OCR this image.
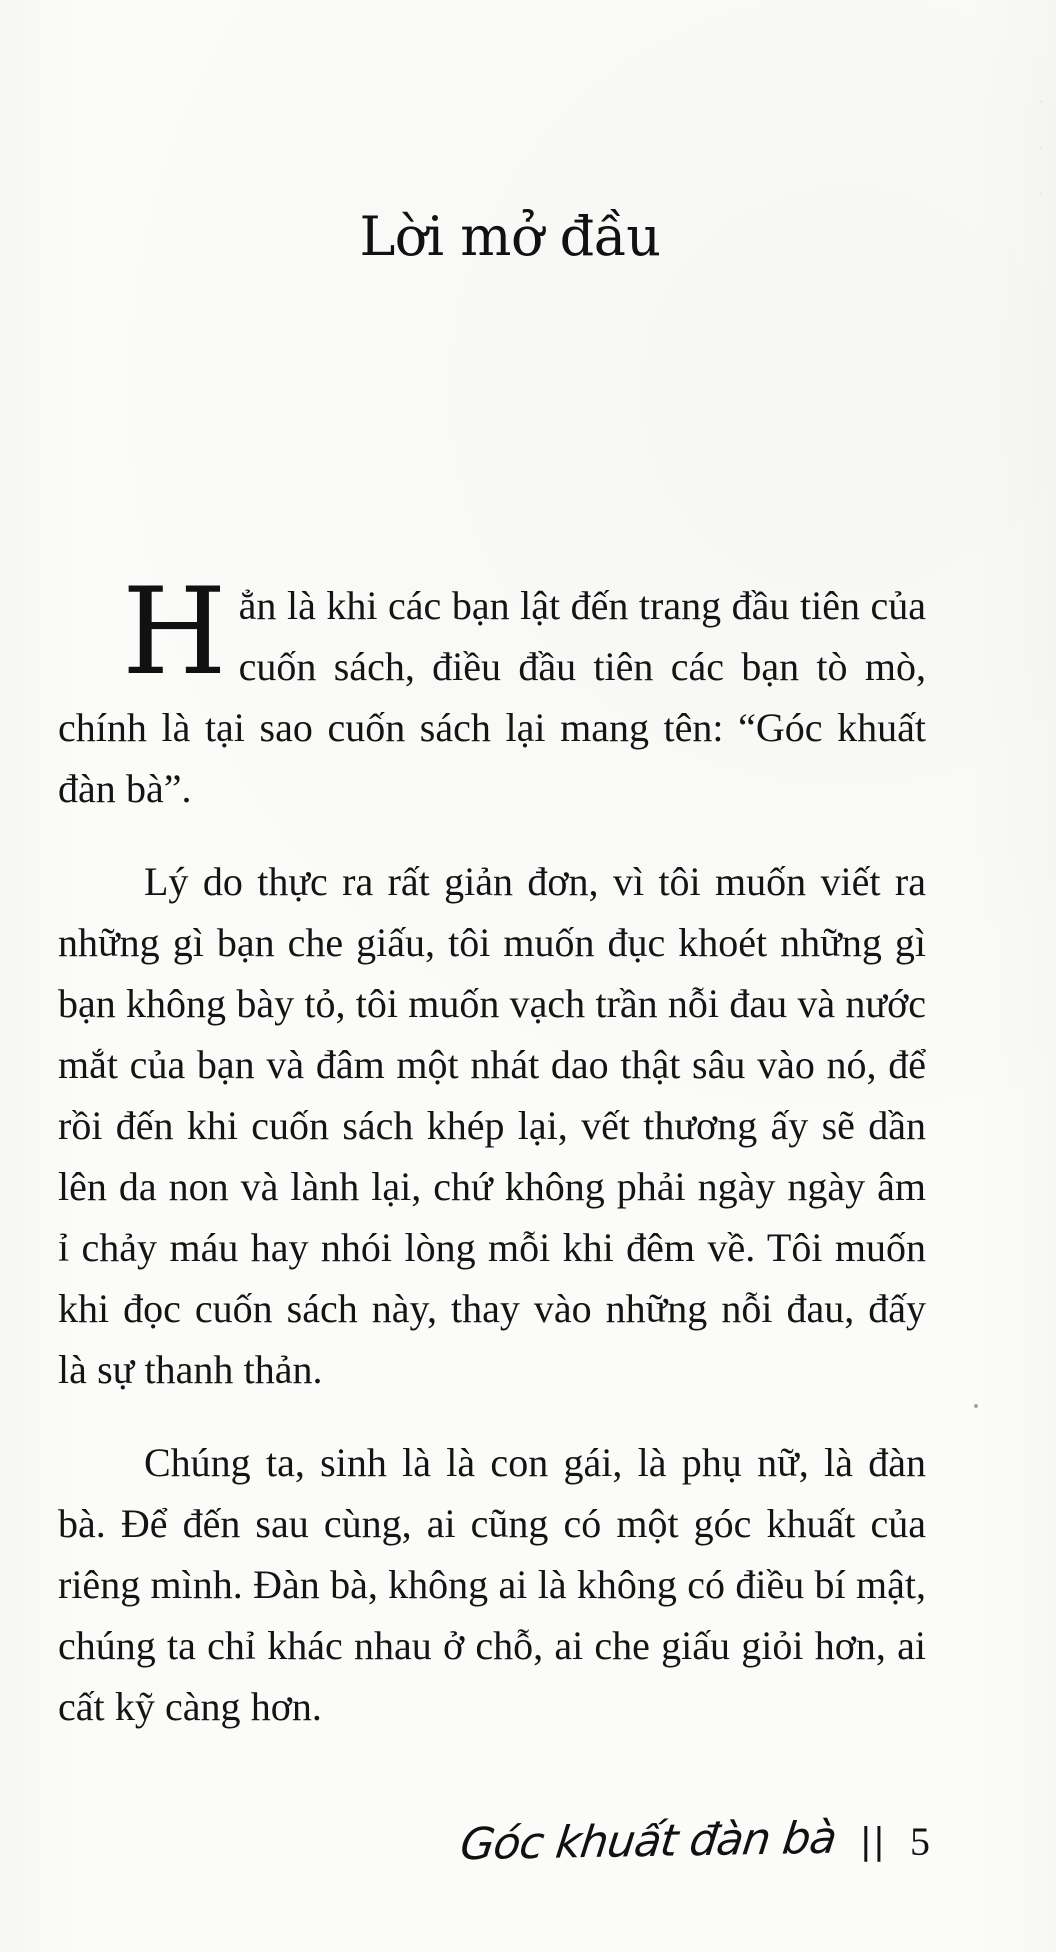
Lời mở đầu

H ẳn là khi các bạn lật đến trang đầu tiên của cuốn sách, điều đầu tiên các bạn tò mò, chính là tại sao cuốn sách lại mang tên: “Góc khuất đàn bà”.

Lý do thực ra rất giản đơn, vì tôi muốn viết ra những gì bạn che giấu, tôi muốn đục khoét những gì bạn không bày tỏ, tôi muốn vạch trần nỗi đau và nước mắt của bạn và đâm một nhát dao thật sâu vào nó, để rồi đến khi cuốn sách khép lại, vết thương ấy sẽ dần lên da non và lành lại, chứ không phải ngày ngày âm ỉ chảy máu hay nhói lòng mỗi khi đêm về. Tôi muốn khi đọc cuốn sách này, thay vào những nỗi đau, đấy là sự thanh thản.

Chúng ta, sinh là là con gái, là phụ nữ, là đàn bà. Để đến sau cùng, ai cũng có một góc khuất của riêng mình. Đàn bà, không ai là không có điều bí mật, chúng ta chỉ khác nhau ở chỗ, ai che giấu giỏi hơn, ai cất kỹ càng hơn.

Góc khuất đàn bà || 5
